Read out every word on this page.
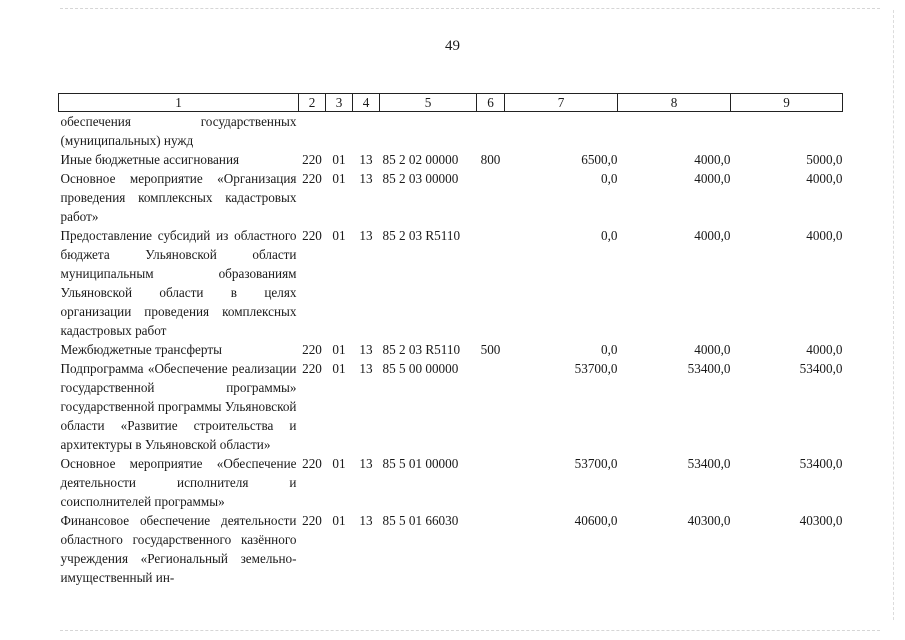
49
1	2	3	4	5	6	7	8	9
обеспечения государственных (муниципальных) нужд								
Иные бюджетные ассигнования	220	01	13	85 2 02 00000	800	6500,0	4000,0	5000,0
Основное мероприятие «Организация проведения комплексных кадастровых работ»	220	01	13	85 2 03 00000		0,0	4000,0	4000,0
Предоставление субсидий из областного бюджета Ульяновской области муниципальным образованиям Ульяновской области в целях организации проведения комплексных кадастровых работ	220	01	13	85 2 03 R5110		0,0	4000,0	4000,0
Межбюджетные трансферты	220	01	13	85 2 03 R5110	500	0,0	4000,0	4000,0
Подпрограмма «Обеспечение реализации государственной программы» государственной программы Ульяновской области «Развитие строительства и архитектуры в Ульяновской области»	220	01	13	85 5 00 00000		53700,0	53400,0	53400,0
Основное мероприятие «Обеспечение деятельности исполнителя и соисполнителей программы»	220	01	13	85 5 01 00000		53700,0	53400,0	53400,0
Финансовое обеспечение деятельности областного государственного казённого учреждения «Региональный земельно-имущественный ин-	220	01	13	85 5 01 66030		40600,0	40300,0	40300,0
